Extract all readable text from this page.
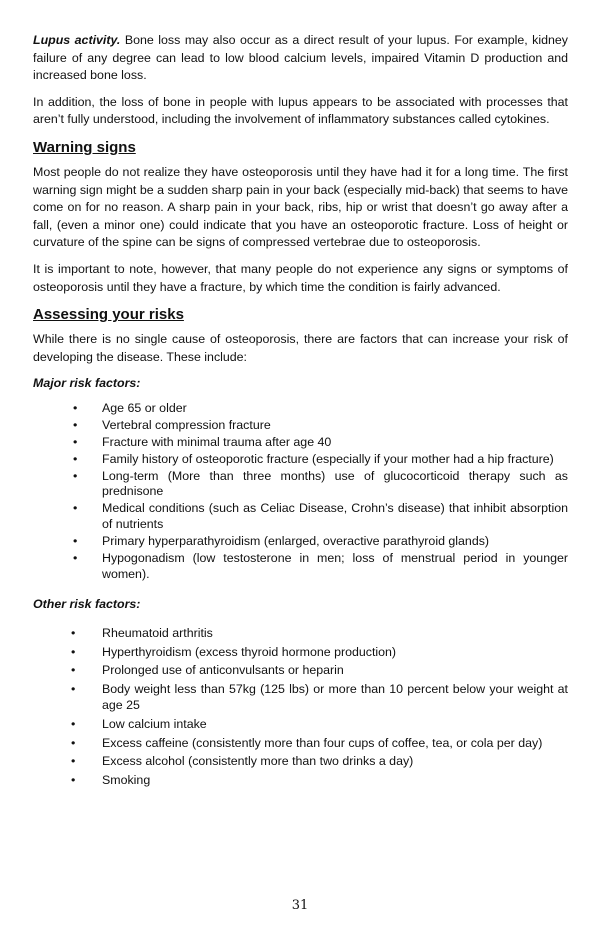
Lupus activity. Bone loss may also occur as a direct result of your lupus. For example, kidney failure of any degree can lead to low blood calcium levels, impaired Vitamin D production and increased bone loss.

In addition, the loss of bone in people with lupus appears to be associated with processes that aren’t fully understood, including the involvement of inflammatory substances called cytokines.

Warning signs

Most people do not realize they have osteoporosis until they have had it for a long time. The first warning sign might be a sudden sharp pain in your back (especially mid-back) that seems to have come on for no reason. A sharp pain in your back, ribs, hip or wrist that doesn’t go away after a fall, (even a minor one) could indicate that you have an osteoporotic fracture. Loss of height or curvature of the spine can be signs of compressed vertebrae due to osteoporosis.

It is important to note, however, that many people do not experience any signs or symptoms of osteoporosis until they have a fracture, by which time the condition is fairly advanced.

Assessing your risks

While there is no single cause of osteoporosis, there are factors that can increase your risk of developing the disease. These include:

Major risk factors:

• Age 65 or older
• Vertebral compression fracture
• Fracture with minimal trauma after age 40
• Family history of osteoporotic fracture (especially if your mother had a hip fracture)
• Long-term (More than three months) use of glucocorticoid therapy such as prednisone
• Medical conditions (such as Celiac Disease, Crohn’s disease) that inhibit absorption of nutrients
• Primary hyperparathyroidism (enlarged, overactive parathyroid glands)
• Hypogonadism (low testosterone in men; loss of menstrual period in younger women).

Other risk factors:

• Rheumatoid arthritis
• Hyperthyroidism (excess thyroid hormone production)
• Prolonged use of anticonvulsants or heparin
• Body weight less than 57kg (125 lbs) or more than 10 percent below your weight at age 25
• Low calcium intake
• Excess caffeine (consistently more than four cups of coffee, tea, or cola per day)
• Excess alcohol (consistently more than two drinks a day)
• Smoking
31
